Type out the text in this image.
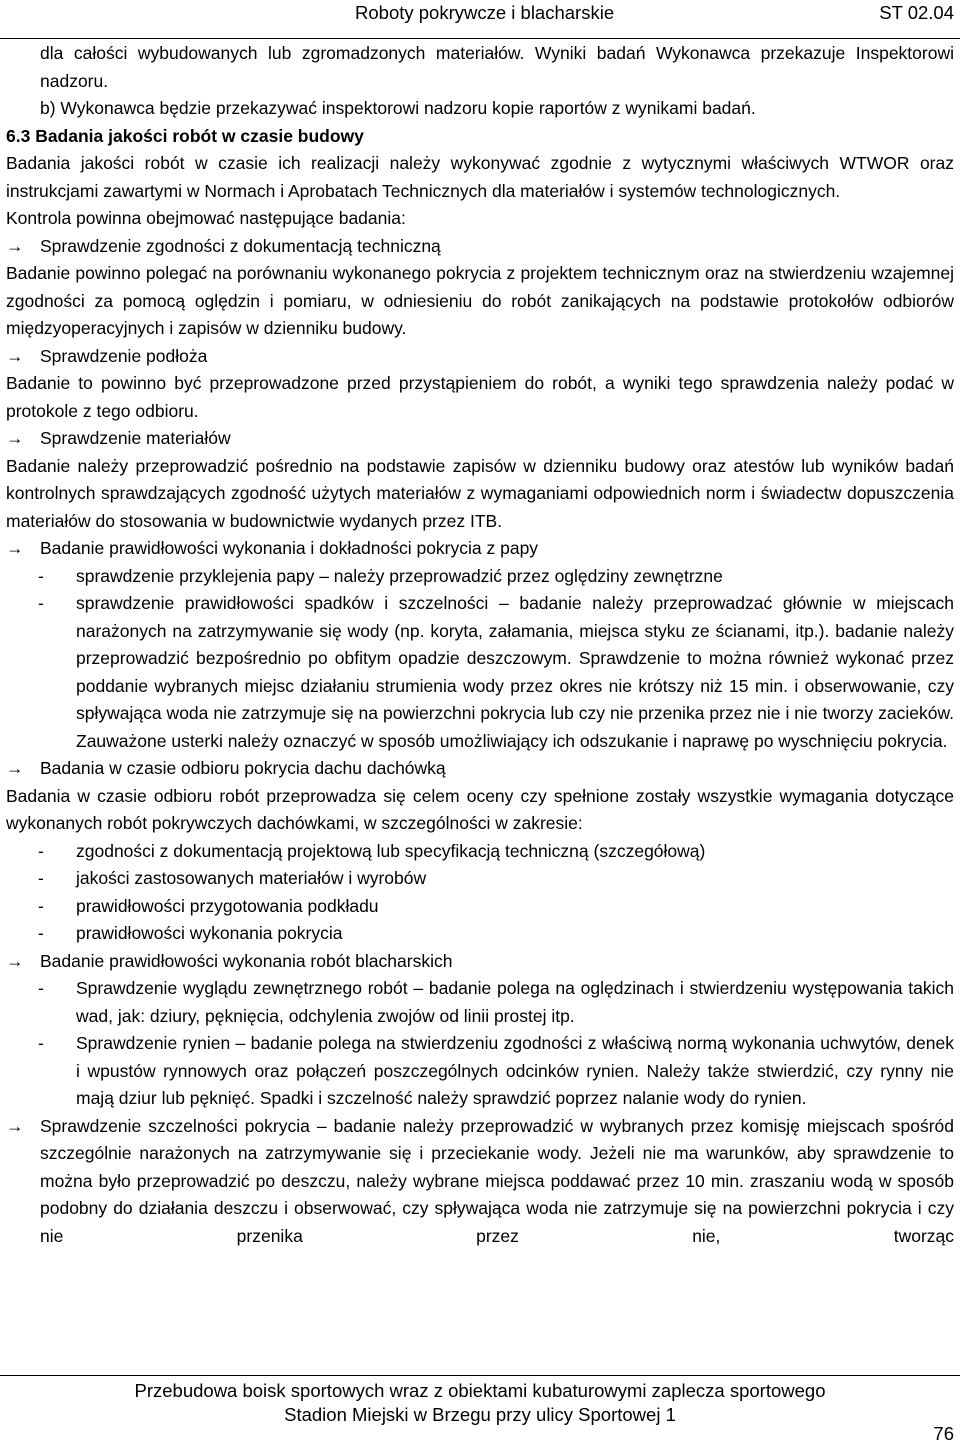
Roboty pokrywcze i blacharskie	ST 02.04

dla całości wybudowanych lub zgromadzonych materiałów. Wyniki badań Wykonawca przekazuje Inspektorowi nadzoru.

b) Wykonawca będzie przekazywać inspektorowi nadzoru kopie raportów z wynikami badań.

6.3 Badania jakości robót w czasie budowy

Badania jakości robót w czasie ich realizacji należy wykonywać zgodnie z wytycznymi właściwych WTWOR oraz instrukcjami zawartymi w Normach i Aprobatach Technicznych dla materiałów i systemów technologicznych.

Kontrola powinna obejmować następujące badania:

→ Sprawdzenie zgodności z dokumentacją techniczną

Badanie powinno polegać na porównaniu wykonanego pokrycia z projektem technicznym oraz na stwierdzeniu wzajemnej zgodności za pomocą oględzin i pomiaru, w odniesieniu do robót zanikających na podstawie protokołów odbiorów międzyoperacyjnych i zapisów w dzienniku budowy.

→ Sprawdzenie podłoża

Badanie to powinno być przeprowadzone przed przystąpieniem do robót, a wyniki tego sprawdzenia należy podać w protokole z tego odbioru.

→ Sprawdzenie materiałów

Badanie należy przeprowadzić pośrednio na podstawie zapisów w dzienniku budowy oraz atestów lub wyników badań kontrolnych sprawdzających zgodność użytych materiałów z wymaganiami odpowiednich norm i świadectw dopuszczenia materiałów do stosowania w budownictwie wydanych przez ITB.

→ Badanie prawidłowości wykonania i dokładności pokrycia z papy

- sprawdzenie przyklejenia papy – należy przeprowadzić przez oględziny zewnętrzne

- sprawdzenie prawidłowości spadków i szczelności – badanie należy przeprowadzać głównie w miejscach narażonych na zatrzymywanie się wody (np. koryta, załamania, miejsca styku ze ścianami, itp.). badanie należy przeprowadzić bezpośrednio po obfitym opadzie deszczowym. Sprawdzenie to można również wykonać przez poddanie wybranych miejsc działaniu strumienia wody przez okres nie krótszy niż 15 min. i obserwowanie, czy spływająca woda nie zatrzymuje się na powierzchni pokrycia lub czy nie przenika przez nie i nie tworzy zacieków. Zauważone usterki należy oznaczyć w sposób umożliwiający ich odszukanie i naprawę po wyschnięciu pokrycia.

→ Badania w czasie odbioru pokrycia dachu dachówką

Badania w czasie odbioru robót przeprowadza się celem oceny czy spełnione zostały wszystkie wymagania dotyczące wykonanych robót pokrywczych dachówkami, w szczególności w zakresie:

- zgodności z dokumentacją projektową lub specyfikacją techniczną (szczegółową)

- jakości zastosowanych materiałów i wyrobów

- prawidłowości przygotowania podkładu

- prawidłowości wykonania pokrycia

→ Badanie prawidłowości wykonania robót blacharskich

- Sprawdzenie wyglądu zewnętrznego robót – badanie polega na oględzinach i stwierdzeniu występowania takich wad, jak: dziury, pęknięcia, odchylenia zwojów od linii prostej itp.

- Sprawdzenie rynien – badanie polega na stwierdzeniu zgodności z właściwą normą wykonania uchwytów, denek i wpustów rynnowych oraz połączeń poszczególnych odcinków rynien. Należy także stwierdzić, czy rynny nie mają dziur lub pęknięć. Spadki i szczelność należy sprawdzić poprzez nalanie wody do rynien.

→ Sprawdzenie szczelności pokrycia – badanie należy przeprowadzić w wybranych przez komisję miejscach spośród szczególnie narażonych na zatrzymywanie się i przeciekanie wody. Jeżeli nie ma warunków, aby sprawdzenie to można było przeprowadzić po deszczu, należy wybrane miejsca poddawać przez 10 min. zraszaniu wodą w sposób podobny do działania deszczu i obserwować, czy spływająca woda nie zatrzymuje się na powierzchni pokrycia i czy nie przenika przez nie, tworząc

Przebudowa boisk sportowych wraz z obiektami kubaturowymi zaplecza sportowego
Stadion Miejski w Brzegu przy ulicy Sportowej 1
76
